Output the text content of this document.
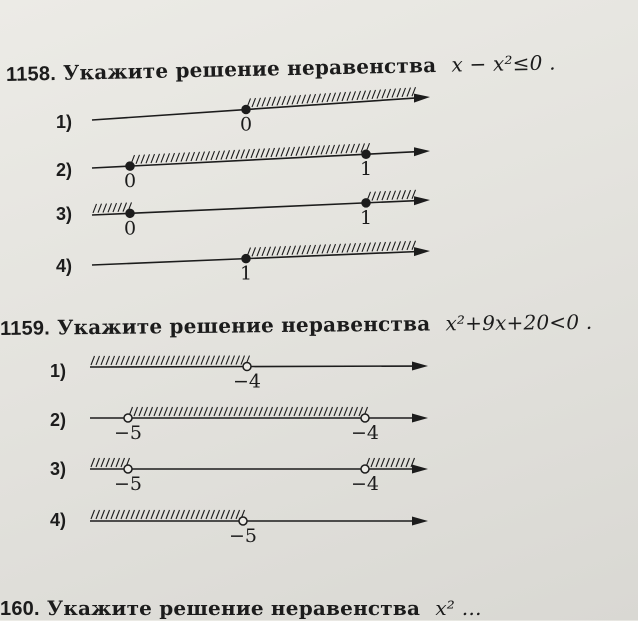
1158. Укажите решение неравенства x − x²≤0 .
1)
2)
3)
4)
1159. Укажите решение неравенства x²+9x+20<0 .
1)
2)
3)
4)
160. Укажите решение неравенства x² …
0
0
1
0	1
1
−4
−5	−4
−5	−4
−5
